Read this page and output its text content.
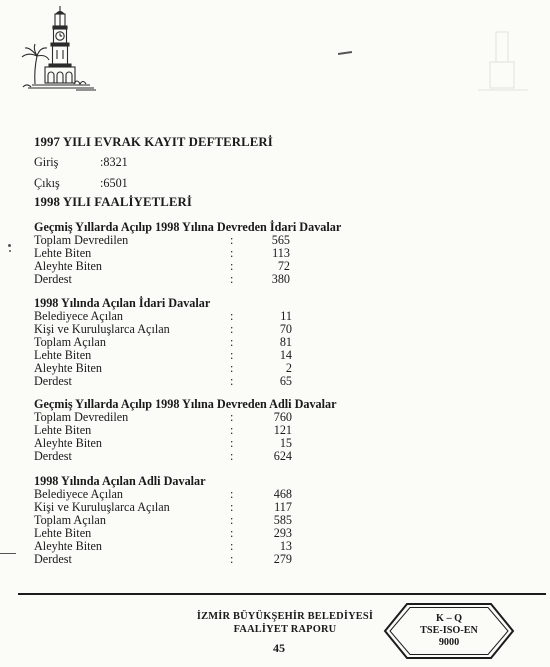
1997 YILI EVRAK KAYIT DEFTERLERİ
Giriş	:8321
Çıkış	:6501
1998 YILI FAALİYETLERİ
Geçmiş Yıllarda Açılıp 1998 Yılına Devreden İdari Davalar
Toplam Devredilen	:	565
Lehte Biten	:	113
Aleyhte Biten	:	72
Derdest	:	380
1998 Yılında Açılan İdari Davalar
Belediyece Açılan	:	11
Kişi ve Kuruluşlarca Açılan	:	70
Toplam Açılan	:	81
Lehte Biten	:	14
Aleyhte Biten	:	2
Derdest	:	65
Geçmiş Yıllarda Açılıp 1998 Yılına Devreden Adli Davalar
Toplam Devredilen	:	760
Lehte Biten	:	121
Aleyhte Biten	:	15
Derdest	:	624
1998 Yılında Açılan Adli Davalar
Belediyece Açılan	:	468
Kişi ve Kuruluşlarca Açılan	:	117
Toplam Açılan	:	585
Lehte Biten	:	293
Aleyhte Biten	:	13
Derdest	:	279
İZMİR BÜYÜKŞEHİR BELEDİYESİ
FAALİYET RAPORU
45
K – Q
TSE-ISO-EN
9000
